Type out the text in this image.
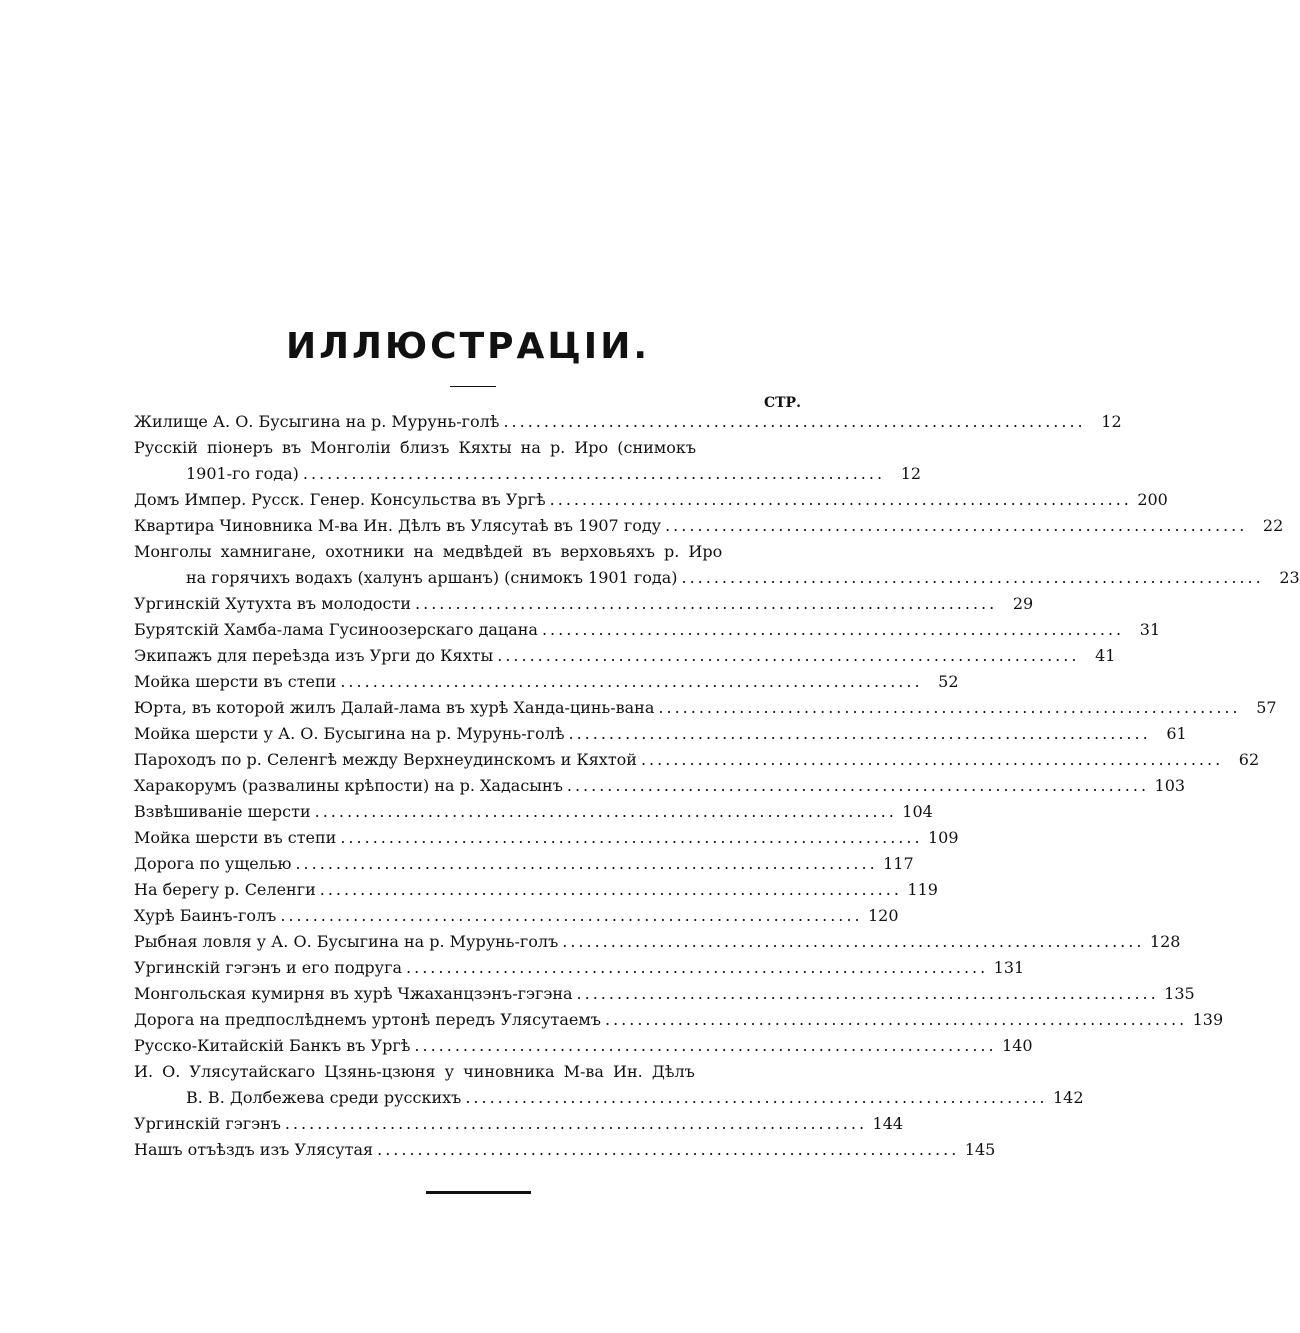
ИЛЛЮСТРАЦІИ.
СТР.
Жилище А. О. Бусыгина на р. Мурунь-голѣ ........................................................................ 12
Русскій піонеръ въ Монголіи близъ Кяхты на р. Иро (снимокъ
1901-го года) ........................................................................ 12
Домъ Импер. Русск. Генер. Консульства въ Ургѣ ........................................................................ 200
Квартира Чиновника М-ва Ин. Дѣлъ въ Улясутаѣ въ 1907 году ........................................................................ 22
Монголы хамнигане, охотники на медвѣдей въ верховьяхъ р. Иро
на горячихъ водахъ (халунъ аршанъ) (снимокъ 1901 года) ........................................................................ 23
Ургинскій Хутухта въ молодости ........................................................................ 29
Бурятскій Хамба-лама Гусиноозерскаго дацана ........................................................................ 31
Экипажъ для переѣзда изъ Урги до Кяхты ........................................................................ 41
Мойка шерсти въ степи ........................................................................ 52
Юрта, въ которой жилъ Далай-лама въ хурѣ Ханда-цинь-вана ........................................................................ 57
Мойка шерсти у А. О. Бусыгина на р. Мурунь-голѣ ........................................................................ 61
Пароходъ по р. Селенгѣ между Верхнеудинскомъ и Кяхтой ........................................................................ 62
Харакорумъ (развалины крѣпости) на р. Хадасынъ ........................................................................ 103
Взвѣшиваніе шерсти ........................................................................ 104
Мойка шерсти въ степи ........................................................................ 109
Дорога по ущелью ........................................................................ 117
На берегу р. Селенги ........................................................................ 119
Хурѣ Баинъ-голъ ........................................................................ 120
Рыбная ловля у А. О. Бусыгина на р. Мурунь-голъ ........................................................................ 128
Ургинскій гэгэнъ и его подруга ........................................................................ 131
Монгольская кумирня въ хурѣ Чжаханцзэнъ-гэгэна ........................................................................ 135
Дорога на предпослѣднемъ уртонѣ передъ Улясутаемъ ........................................................................ 139
Русско-Китайскій Банкъ въ Ургѣ ........................................................................ 140
И. О. Улясутайскаго Цзянь-цзюня у чиновника М-ва Ин. Дѣлъ
В. В. Долбежева среди русскихъ ........................................................................ 142
Ургинскій гэгэнъ ........................................................................ 144
Нашъ отъѣздъ изъ Улясутая ........................................................................ 145
